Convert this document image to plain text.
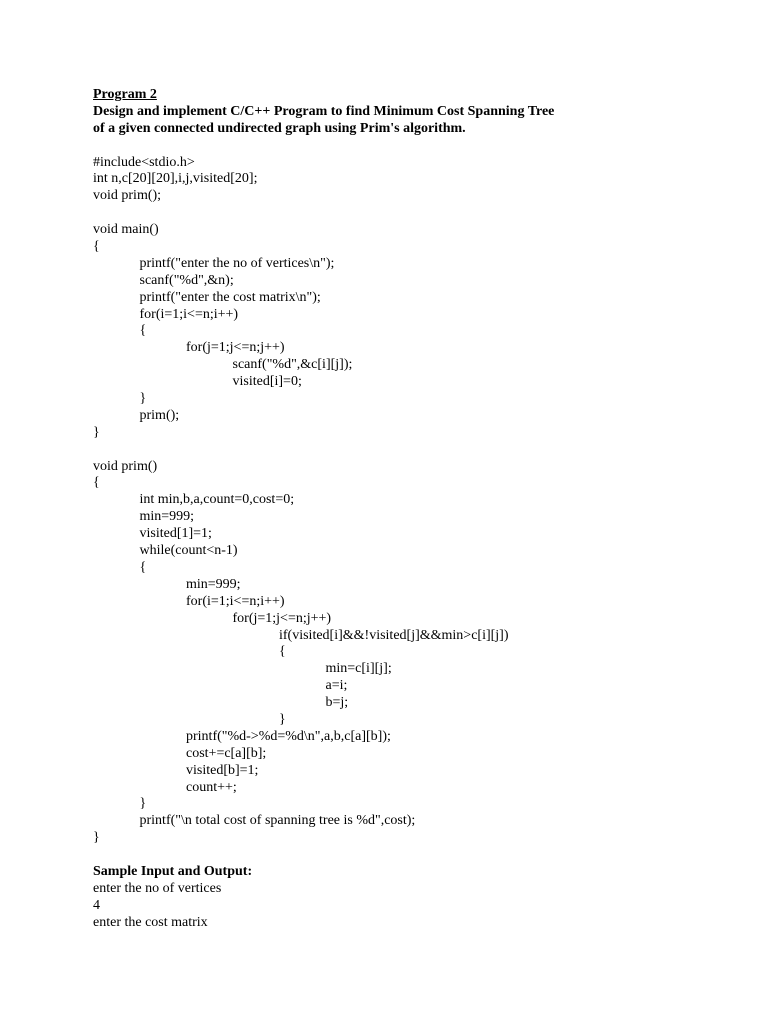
Program 2
Design and implement C/C++ Program to find Minimum Cost Spanning Tree
of a given connected undirected graph using Prim's algorithm.
#include<stdio.h>
int n,c[20][20],i,j,visited[20];
void prim();
void main()
{
printf("enter the no of vertices\n");
scanf("%d",&n);
printf("enter the cost matrix\n");
for(i=1;i<=n;i++)
{
for(j=1;j<=n;j++)
scanf("%d",&c[i][j]);
visited[i]=0;
}
prim();
}
void prim()
{
int min,b,a,count=0,cost=0;
min=999;
visited[1]=1;
while(count<n-1)
{
min=999;
for(i=1;i<=n;i++)
for(j=1;j<=n;j++)
if(visited[i]&&!visited[j]&&min>c[i][j])
{
min=c[i][j];
a=i;
b=j;
}
printf("%d->%d=%d\n",a,b,c[a][b]);
cost+=c[a][b];
visited[b]=1;
count++;
}
printf("\n total cost of spanning tree is %d",cost);
}
Sample Input and Output:
enter the no of vertices
4
enter the cost matrix
